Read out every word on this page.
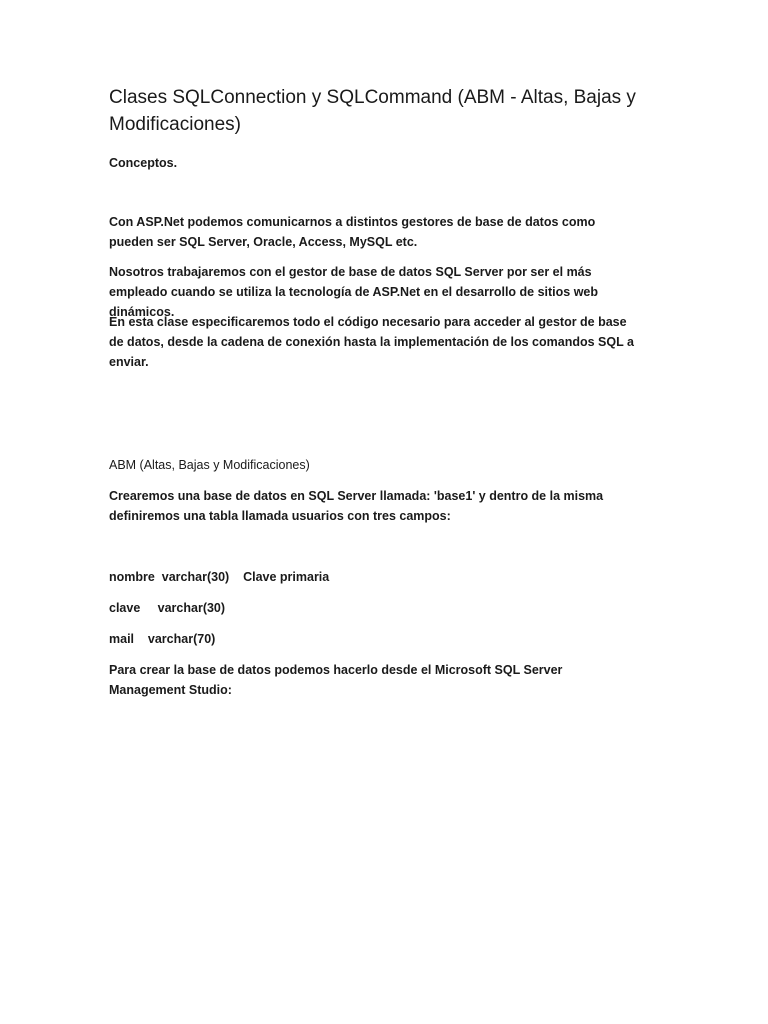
Clases SQLConnection y SQLCommand (ABM - Altas, Bajas y Modificaciones)

Conceptos.

Con ASP.Net podemos comunicarnos a distintos gestores de base de datos como pueden ser SQL Server, Oracle, Access, MySQL etc.

Nosotros trabajaremos con el gestor de base de datos SQL Server por ser el más empleado cuando se utiliza la tecnología de ASP.Net en el desarrollo de sitios web dinámicos.

En esta clase especificaremos todo el código necesario para acceder al gestor de base de datos, desde la cadena de conexión hasta la implementación de los comandos SQL a enviar.

ABM (Altas, Bajas y Modificaciones)

Crearemos una base de datos en SQL Server llamada: 'base1' y dentro de la misma definiremos una tabla llamada usuarios con tres campos:

nombre  varchar(30)    Clave primaria

clave     varchar(30)

mail    varchar(70)

Para crear la base de datos podemos hacerlo desde el Microsoft SQL Server Management Studio:
